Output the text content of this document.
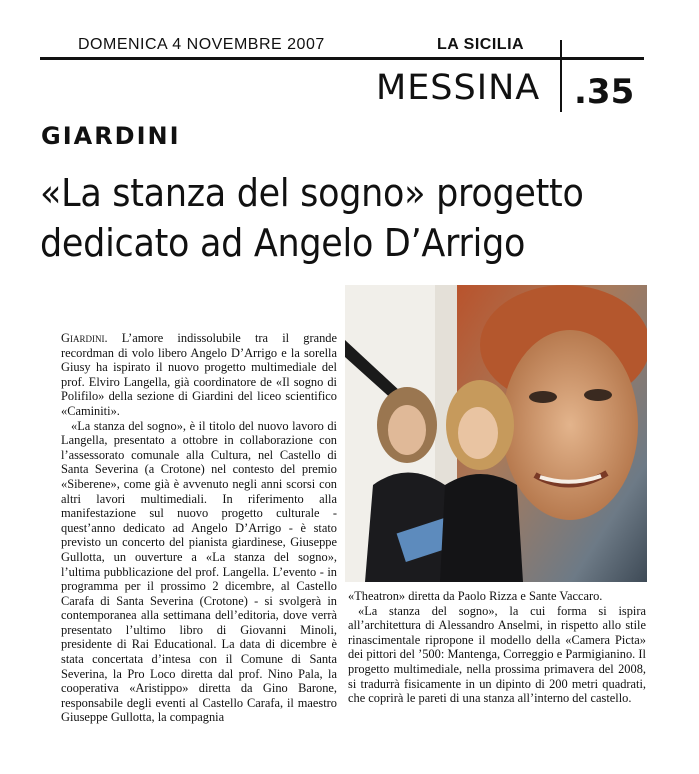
DOMENICA 4 NOVEMBRE 2007	LA SICILIA
MESSINA .35
GIARDINI
«La stanza del sogno» progetto
dedicato ad Angelo D’Arrigo

Giardini. L’amore indissolubile tra il grande recordman di volo libero Angelo D’Arrigo e la sorella Giusy ha ispirato il nuovo progetto multimediale del prof. Elviro Langella, già coordinatore de «Il sogno di Polifilo» della sezione di Giardini del liceo scientifico «Caminiti».

«La stanza del sogno», è il titolo del nuovo lavoro di Langella, presentato a ottobre in collaborazione con l’assessorato comunale alla Cultura, nel Castello di Santa Severina (a Crotone) nel contesto del premio «Siberene», come già è avvenuto negli anni scorsi con altri lavori multimediali. In riferimento alla manifestazione sul nuovo progetto culturale - quest’anno dedicato ad Angelo D’Arrigo - è stato previsto un concerto del pianista giardinese, Giuseppe Gullotta, un ouverture a «La stanza del sogno», l’ultima pubblicazione del prof. Langella. L’evento - in programma per il prossimo 2 dicembre, al Castello Carafa di Santa Severina (Crotone) - si svolgerà in contemporanea alla settimana dell’editoria, dove verrà presentato l’ultimo libro di Giovanni Minoli, presidente di Rai Educational. La data di dicembre è stata concertata d’intesa con il Comune di Santa Severina, la Pro Loco diretta dal prof. Nino Pala, la cooperativa «Aristippo» diretta da Gino Barone, responsabile degli eventi al Castello Carafa, il maestro Giuseppe Gullotta, la compagnia

«Theatron» diretta da Paolo Rizza e Sante Vaccaro.

«La stanza del sogno», la cui forma si ispira all’architettura di Alessandro Anselmi, in rispetto allo stile rinascimentale ripropone il modello della «Camera Picta» dei pittori del ’500: Mantenga, Correggio e Parmigianino. Il progetto multimediale, nella prossima primavera del 2008, si tradurrà fisicamente in un dipinto di 200 metri quadrati, che coprirà le pareti di una stanza all’interno del castello.
